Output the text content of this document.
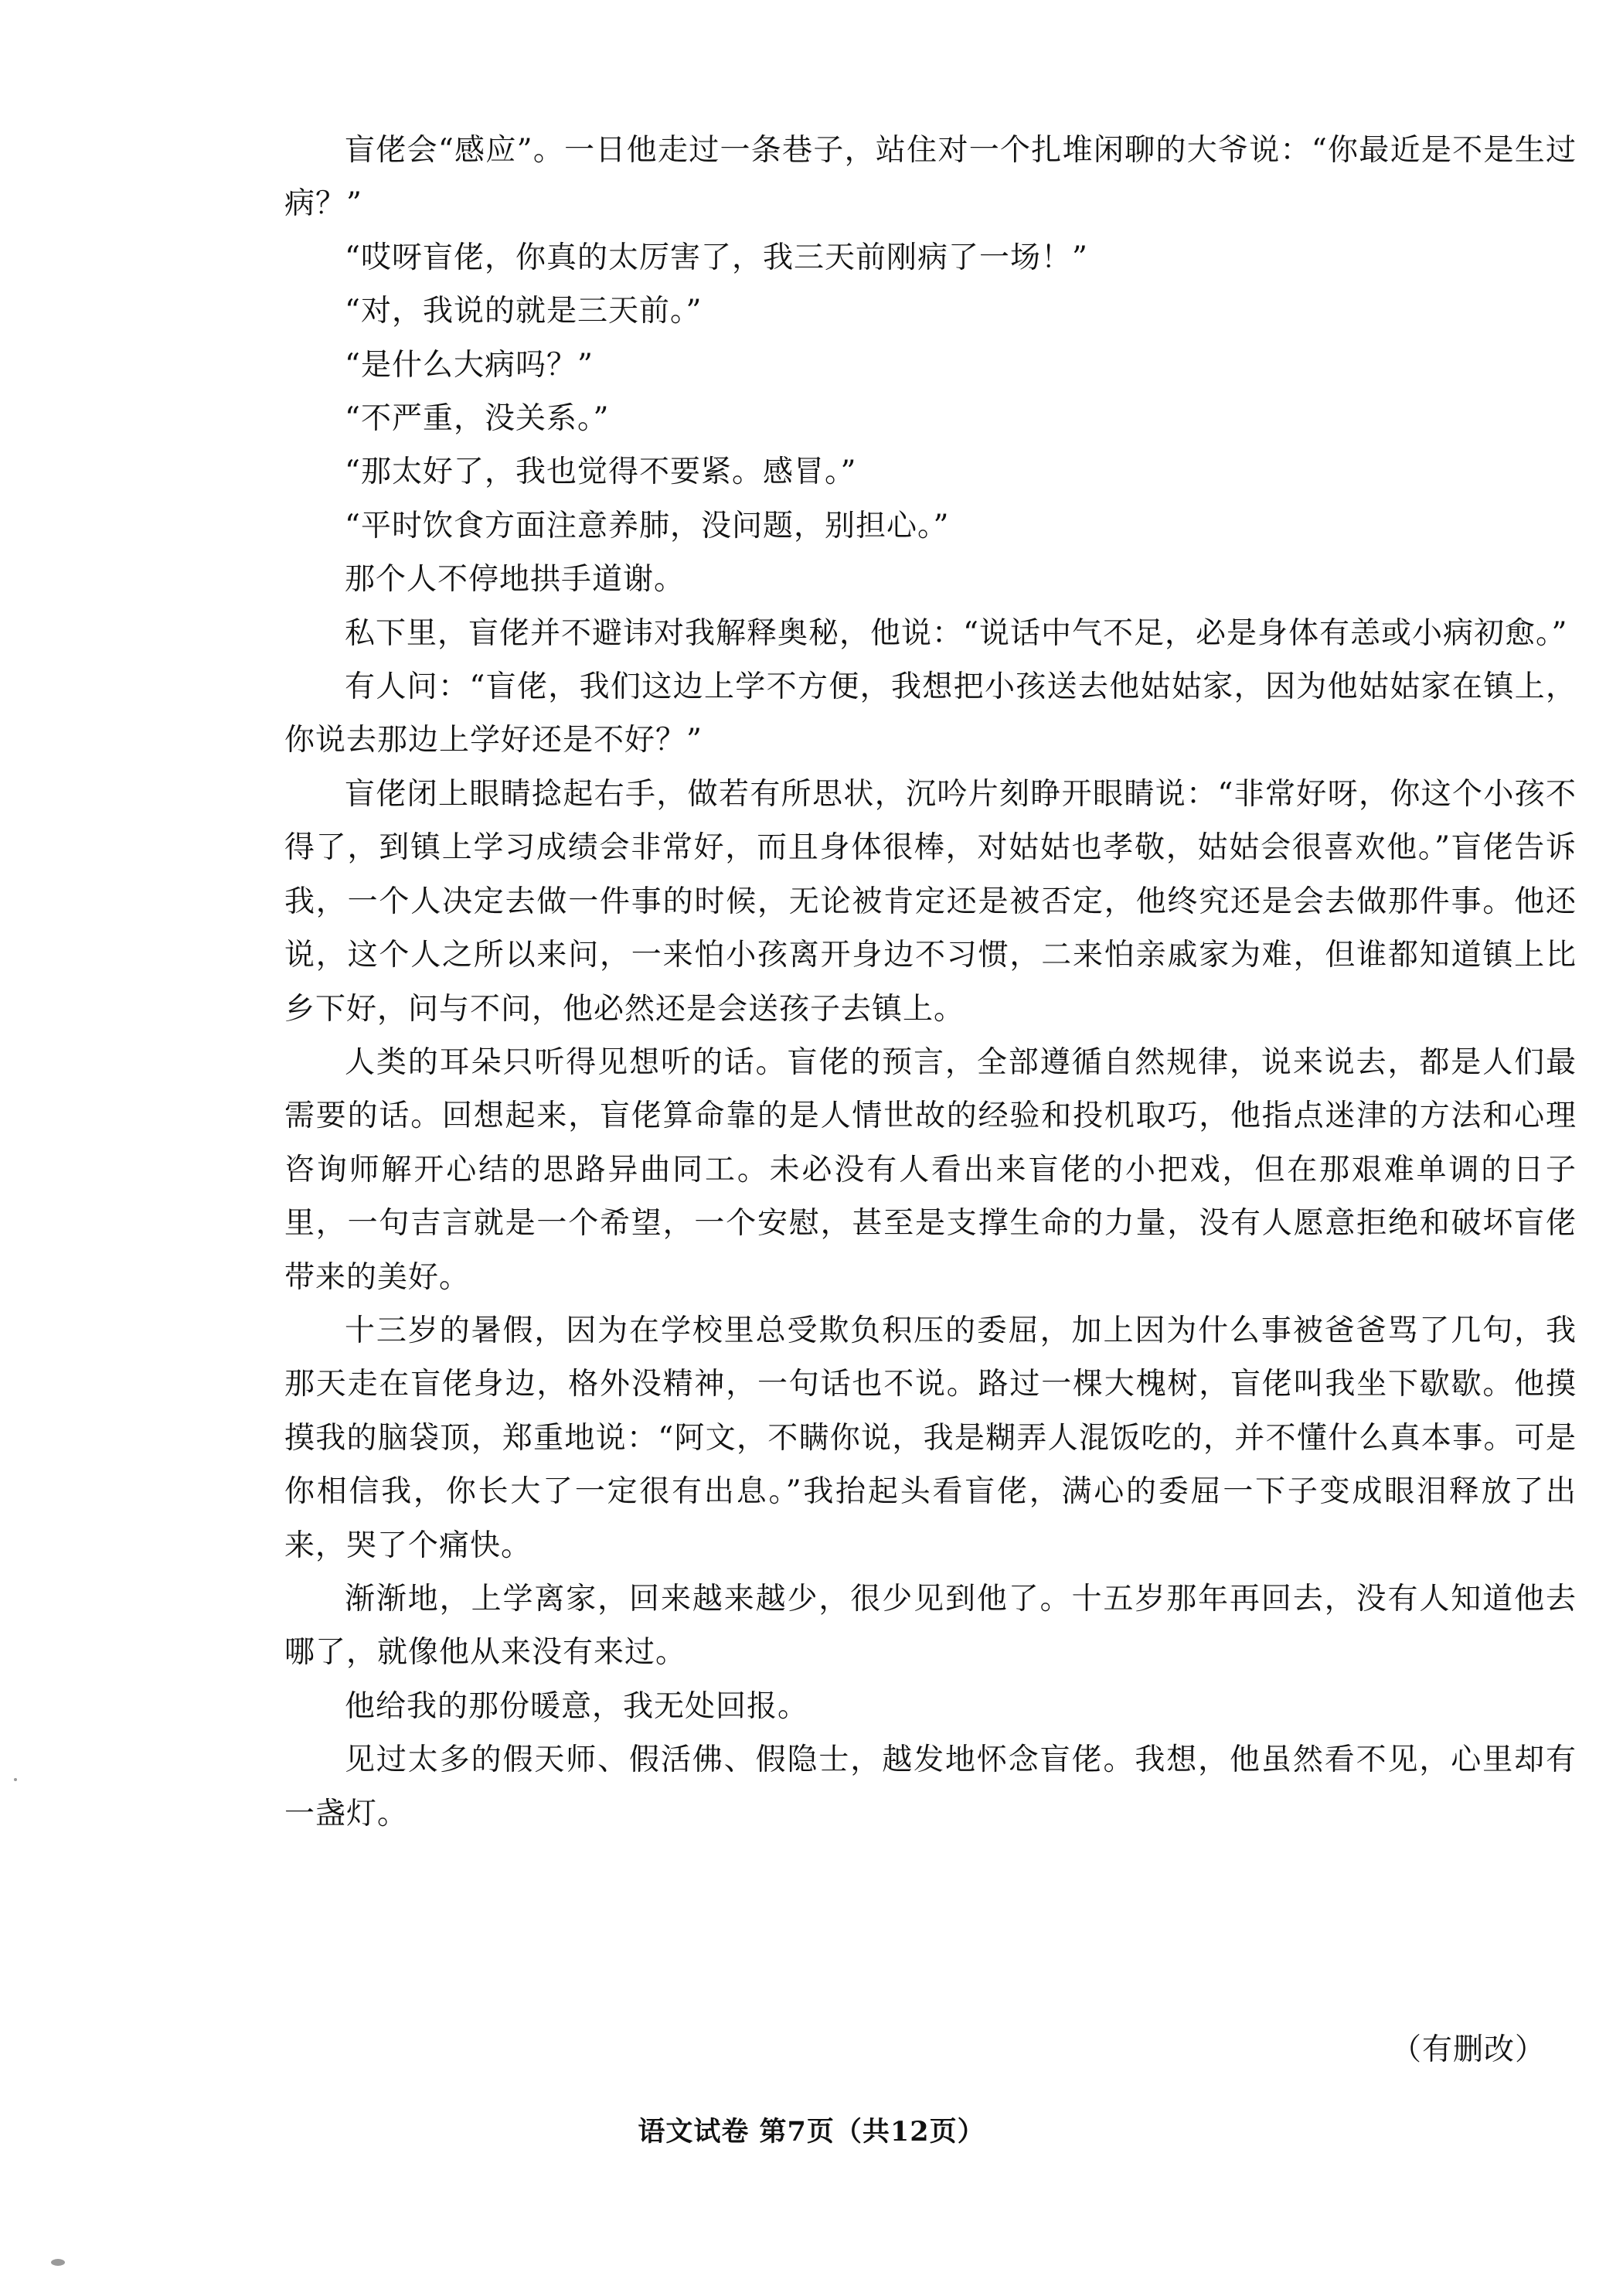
盲佬会“感应”。一日他走过一条巷子，站住对一个扎堆闲聊的大爷说：“你最近是不是生过病？”

“哎呀盲佬，你真的太厉害了，我三天前刚病了一场！”

“对，我说的就是三天前。”

“是什么大病吗？”

“不严重，没关系。”

“那太好了，我也觉得不要紧。感冒。”

“平时饮食方面注意养肺，没问题，别担心。”

那个人不停地拱手道谢。

私下里，盲佬并不避讳对我解释奥秘，他说：“说话中气不足，必是身体有恙或小病初愈。”

有人问：“盲佬，我们这边上学不方便，我想把小孩送去他姑姑家，因为他姑姑家在镇上，你说去那边上学好还是不好？”

盲佬闭上眼睛捻起右手，做若有所思状，沉吟片刻睁开眼睛说：“非常好呀，你这个小孩不得了，到镇上学习成绩会非常好，而且身体很棒，对姑姑也孝敬，姑姑会很喜欢他。”盲佬告诉我，一个人决定去做一件事的时候，无论被肯定还是被否定，他终究还是会去做那件事。他还说，这个人之所以来问，一来怕小孩离开身边不习惯，二来怕亲戚家为难，但谁都知道镇上比乡下好，问与不问，他必然还是会送孩子去镇上。

人类的耳朵只听得见想听的话。盲佬的预言，全部遵循自然规律，说来说去，都是人们最需要的话。回想起来，盲佬算命靠的是人情世故的经验和投机取巧，他指点迷津的方法和心理咨询师解开心结的思路异曲同工。未必没有人看出来盲佬的小把戏，但在那艰难单调的日子里，一句吉言就是一个希望，一个安慰，甚至是支撑生命的力量，没有人愿意拒绝和破坏盲佬带来的美好。

十三岁的暑假，因为在学校里总受欺负积压的委屈，加上因为什么事被爸爸骂了几句，我那天走在盲佬身边，格外没精神，一句话也不说。路过一棵大槐树，盲佬叫我坐下歇歇。他摸摸我的脑袋顶，郑重地说：“阿文，不瞒你说，我是糊弄人混饭吃的，并不懂什么真本事。可是你相信我，你长大了一定很有出息。”我抬起头看盲佬，满心的委屈一下子变成眼泪释放了出来，哭了个痛快。

渐渐地，上学离家，回来越来越少，很少见到他了。十五岁那年再回去，没有人知道他去哪了，就像他从来没有来过。

他给我的那份暖意，我无处回报。

见过太多的假天师、假活佛、假隐士，越发地怀念盲佬。我想，他虽然看不见，心里却有一盏灯。

（有删改）
语文试卷 第7页（共12页）
